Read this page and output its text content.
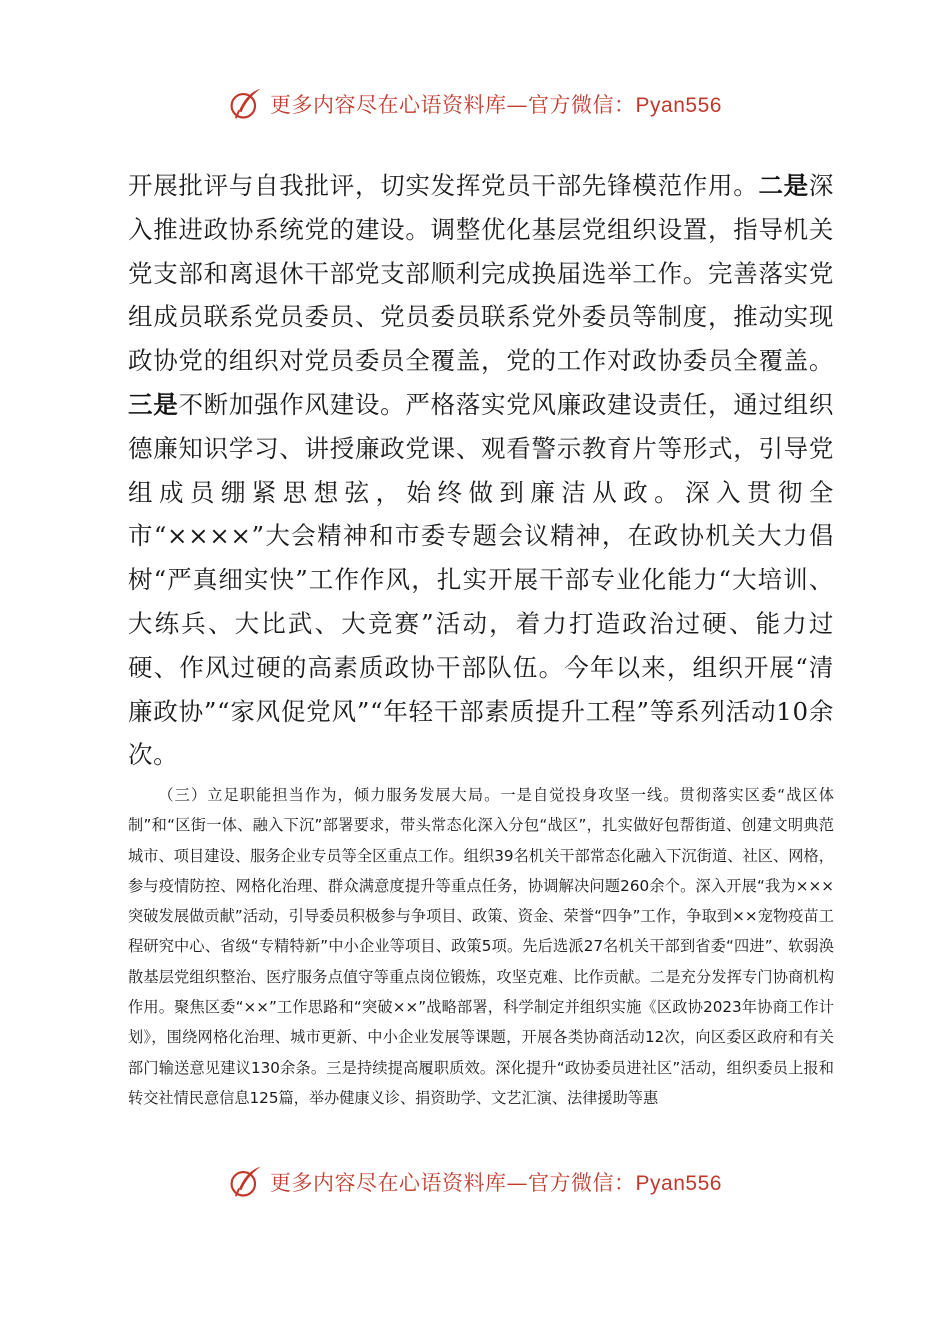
更多内容尽在心语资料库—官方微信：Pyan556

开展批评与自我批评，切实发挥党员干部先锋模范作用。二是深入推进政协系统党的建设。调整优化基层党组织设置，指导机关党支部和离退休干部党支部顺利完成换届选举工作。完善落实党组成员联系党员委员、党员委员联系党外委员等制度，推动实现政协党的组织对党员委员全覆盖，党的工作对政协委员全覆盖。三是不断加强作风建设。严格落实党风廉政建设责任，通过组织德廉知识学习、讲授廉政党课、观看警示教育片等形式，引导党组成员绷紧思想弦，始终做到廉洁从政。深入贯彻全市“××××”大会精神和市委专题会议精神，在政协机关大力倡树“严真细实快”工作作风，扎实开展干部专业化能力“大培训、大练兵、大比武、大竞赛”活动，着力打造政治过硬、能力过硬、作风过硬的高素质政协干部队伍。今年以来，组织开展“清廉政协”“家风促党风”“年轻干部素质提升工程”等系列活动10余次。

（三）立足职能担当作为，倾力服务发展大局。一是自觉投身攻坚一线。贯彻落实区委“战区体制”和“区街一体、融入下沉”部署要求，带头常态化深入分包“战区”，扎实做好包帮街道、创建文明典范城市、项目建设、服务企业专员等全区重点工作。组织39名机关干部常态化融入下沉街道、社区、网格，参与疫情防控、网格化治理、群众满意度提升等重点任务，协调解决问题260余个。深入开展“我为×××突破发展做贡献”活动，引导委员积极参与争项目、政策、资金、荣誉“四争”工作，争取到××宠物疫苗工程研究中心、省级“专精特新”中小企业等项目、政策5项。先后选派27名机关干部到省委“四进”、软弱涣散基层党组织整治、医疗服务点值守等重点岗位锻炼，攻坚克难、比作贡献。二是充分发挥专门协商机构作用。聚焦区委“××”工作思路和“突破××”战略部署，科学制定并组织实施《区政协2023年协商工作计划》，围绕网格化治理、城市更新、中小企业发展等课题，开展各类协商活动12次，向区委区政府和有关部门输送意见建议130余条。三是持续提高履职质效。深化提升“政协委员进社区”活动，组织委员上报和转交社情民意信息125篇，举办健康义诊、捐资助学、文艺汇演、法律援助等惠

更多内容尽在心语资料库—官方微信：Pyan556
